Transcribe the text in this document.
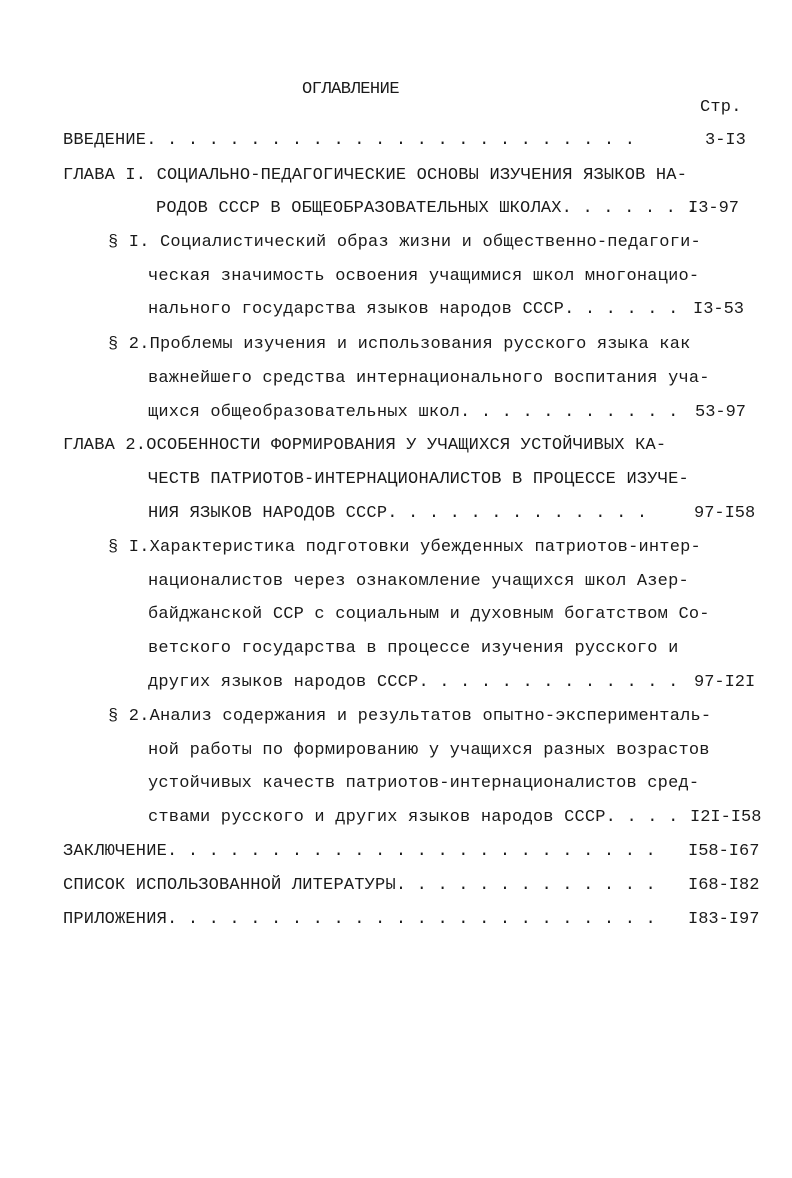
ОГЛАВЛЕНИЕ
Стр.
ВВЕДЕНИЕ. . . . . . . . . . . . . . . . . . . . . . . .	3-I3
ГЛАВА I. СОЦИАЛЬНО-ПЕДАГОГИЧЕСКИЕ ОСНОВЫ ИЗУЧЕНИЯ ЯЗЫКОВ НА-
РОДОВ СССР В ОБЩЕОБРАЗОВАТЕЛЬНЫХ ШКОЛАХ. . . . . . .
I3-97
§ I. Социалистический образ жизни и общественно-педагоги-
ческая значимость освоения учащимися школ многонацио-
нального государства языков народов СССР. . . . . . I3-53
§ 2.Проблемы изучения и использования русского языка как
важнейшего средства интернационального воспитания уча-
щихся общеобразовательных школ. . . . . . . . . . . 53-97
ГЛАВА 2.ОСОБЕННОСТИ ФОРМИРОВАНИЯ У УЧАЩИХСЯ УСТОЙЧИВЫХ КА-
ЧЕСТВ ПАТРИОТОВ-ИНТЕРНАЦИОНАЛИСТОВ В ПРОЦЕССЕ ИЗУЧЕ-
НИЯ ЯЗЫКОВ НАРОДОВ СССР. . . . . . . . . . . . .	97-I58
§ I.Характеристика подготовки убежденных патриотов-интер-
националистов через ознакомление учащихся школ Азер-
байджанской ССР с социальным и духовным богатством Со-
ветского государства в процессе изучения русского и
других языков народов СССР. . . . . . . . . . . . . 97-I2I
§ 2.Анализ содержания и результатов опытно-эксперименталь-
ной работы по формированию у учащихся разных возрастов
устойчивых качеств патриотов-интернационалистов сред-
ствами русского и других языков народов СССР. . . . I2I-I58
ЗАКЛЮЧЕНИЕ. . . . . . . . . . . . . . . . . . . . . . . . I58-I67
СПИСОК ИСПОЛЬЗОВАННОЙ ЛИТЕРАТУРЫ. . . . . . . . . . . . . I68-I82
ПРИЛОЖЕНИЯ. . . . . . . . . . . . . . . . . . . . . . . . I83-I97
